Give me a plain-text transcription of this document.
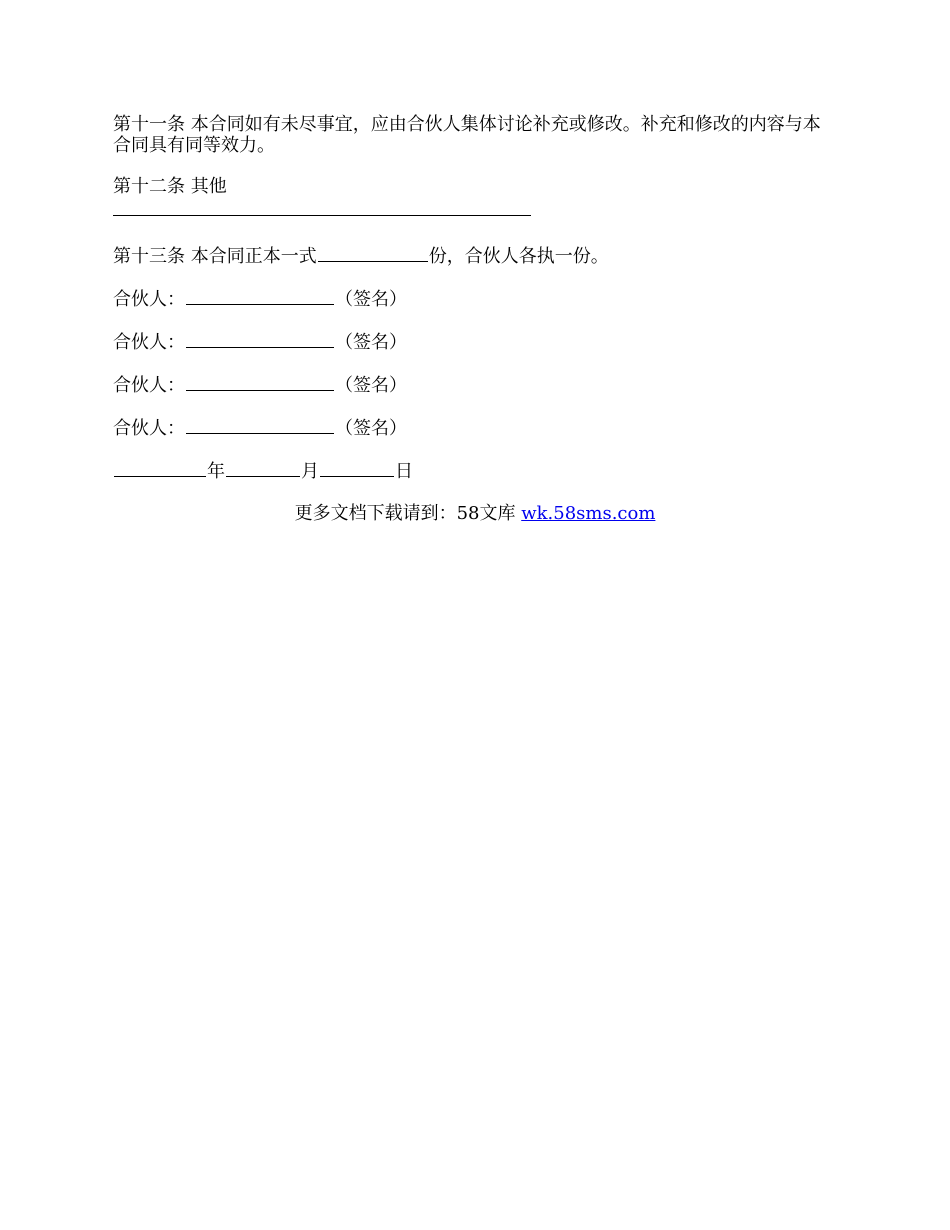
第十一条 本合同如有未尽事宜，应由合伙人集体讨论补充或修改。补充和修改的内容与本合同具有同等效力。

第十二条 其他

第十三条 本合同正本一式	份，合伙人各执一份。

合伙人：	（签名）

合伙人：	（签名）

合伙人：	（签名）

合伙人：	（签名）

年	月	日

更多文档下载请到：58文库 wk.58sms.com
